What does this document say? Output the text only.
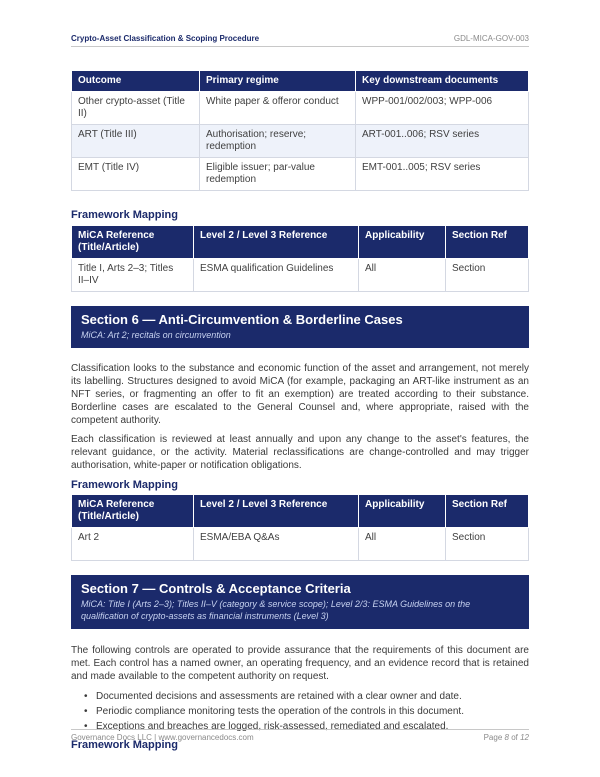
Crypto-Asset Classification & Scoping Procedure	GDL-MICA-GOV-003
Outcome	Primary regime	Key downstream documents
Other crypto-asset (Title II)	White paper & offeror conduct	WPP-001/002/003; WPP-006
ART (Title III)	Authorisation; reserve; redemption	ART-001..006; RSV series
EMT (Title IV)	Eligible issuer; par-value redemption	EMT-001..005; RSV series
Framework Mapping
MiCA Reference (Title/Article)	Level 2 / Level 3 Reference	Applicability	Section Ref
Title I, Arts 2–3; Titles II–IV	ESMA qualification Guidelines	All	Section
Section 6 — Anti-Circumvention & Borderline Cases
MiCA: Art 2; recitals on circumvention

Classification looks to the substance and economic function of the asset and arrangement, not merely its labelling. Structures designed to avoid MiCA (for example, packaging an ART-like instrument as an NFT series, or fragmenting an offer to fit an exemption) are treated according to their substance. Borderline cases are escalated to the General Counsel and, where appropriate, raised with the competent authority.

Each classification is reviewed at least annually and upon any change to the asset's features, the relevant guidance, or the activity. Material reclassifications are change-controlled and may trigger authorisation, white-paper or notification obligations.

Framework Mapping
MiCA Reference (Title/Article)	Level 2 / Level 3 Reference	Applicability	Section Ref
Art 2	ESMA/EBA Q&As	All	Section
Section 7 — Controls & Acceptance Criteria
MiCA: Title I (Arts 2–3); Titles II–V (category & service scope); Level 2/3: ESMA Guidelines on the qualification of crypto-assets as financial instruments (Level 3)

The following controls are operated to provide assurance that the requirements of this document are met. Each control has a named owner, an operating frequency, and an evidence record that is retained and made available to the competent authority on request.

• Documented decisions and assessments are retained with a clear owner and date.
• Periodic compliance monitoring tests the operation of the controls in this document.
• Exceptions and breaches are logged, risk-assessed, remediated and escalated.
Framework Mapping
Governance Docs LLC | www.governancedocs.com	Page 8 of 12
